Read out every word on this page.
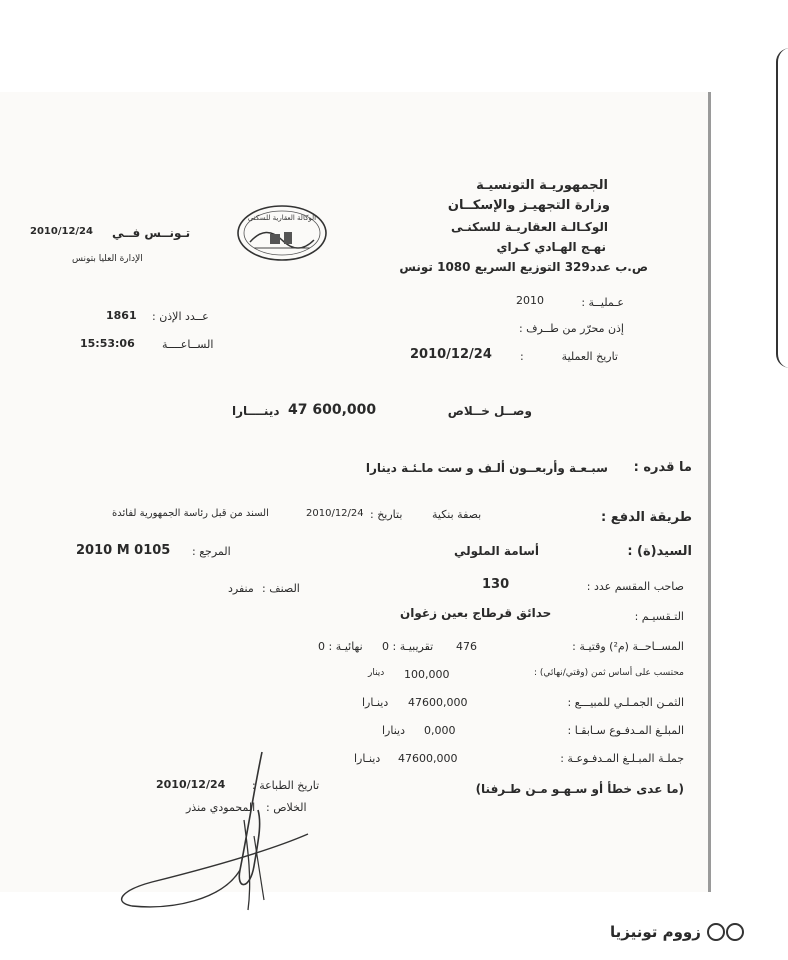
الجمهوريـة التونسيـة
وزارة التجهيـز والإسكــان
الوكـالـة العقاريـة للسكنـى
نهـج الهـادي كـراي
ص.ب عدد329 التوزيع السريع 1080 تونس
تـونــس فــي
2010/12/24
الإدارة العليا بتونس
الوكالة العقارية للسكنى
1861 عــدد الإذن :
15:53:06 الســاعــــة
عـمليــة :
2010
إذن محرّر من طــرف :
تاريخ العملية
:
2010/12/24
وصــل خــلاص
47 600,000
دينــــارا
ما قدره :
سبـعـة وأربعــون ألـف و ست ماـئـة دينارا
طريقة الدفع :
بصفة بنكية
بتاريخ :
2010/12/24
السند من قبل رئاسة الجمهورية لفائدة
السيد(ة) :
أسامة الملولي
المرجع :
2010 M 0105
صاحب المقسم عدد :
130
الصنف :
منفرد
التـقسيـم :
حدائق قرطاج بعين زغوان
المســاحــة (م²) وقتيـة :
476
تقريبيـة : 0
نهائيـة : 0
محتسب على أساس ثمن (وقتي/نهائي) :
100,000
دينار
الثمـن الجمـلـي للمبيـــع :
47600,000
دينـارا
المبلـغ المـدفـوع سـابقـا :
0,000
دينارا
جملـة المبـلـغ المـدفـوعـة :
47600,000
دينـارا
(ما عدى خطأ أو سـهـو مـن طـرفنا)
2010/12/24 تاريخ الطباعة :
الخلاص :
المحمودي منذر
زووم تونيزيا
